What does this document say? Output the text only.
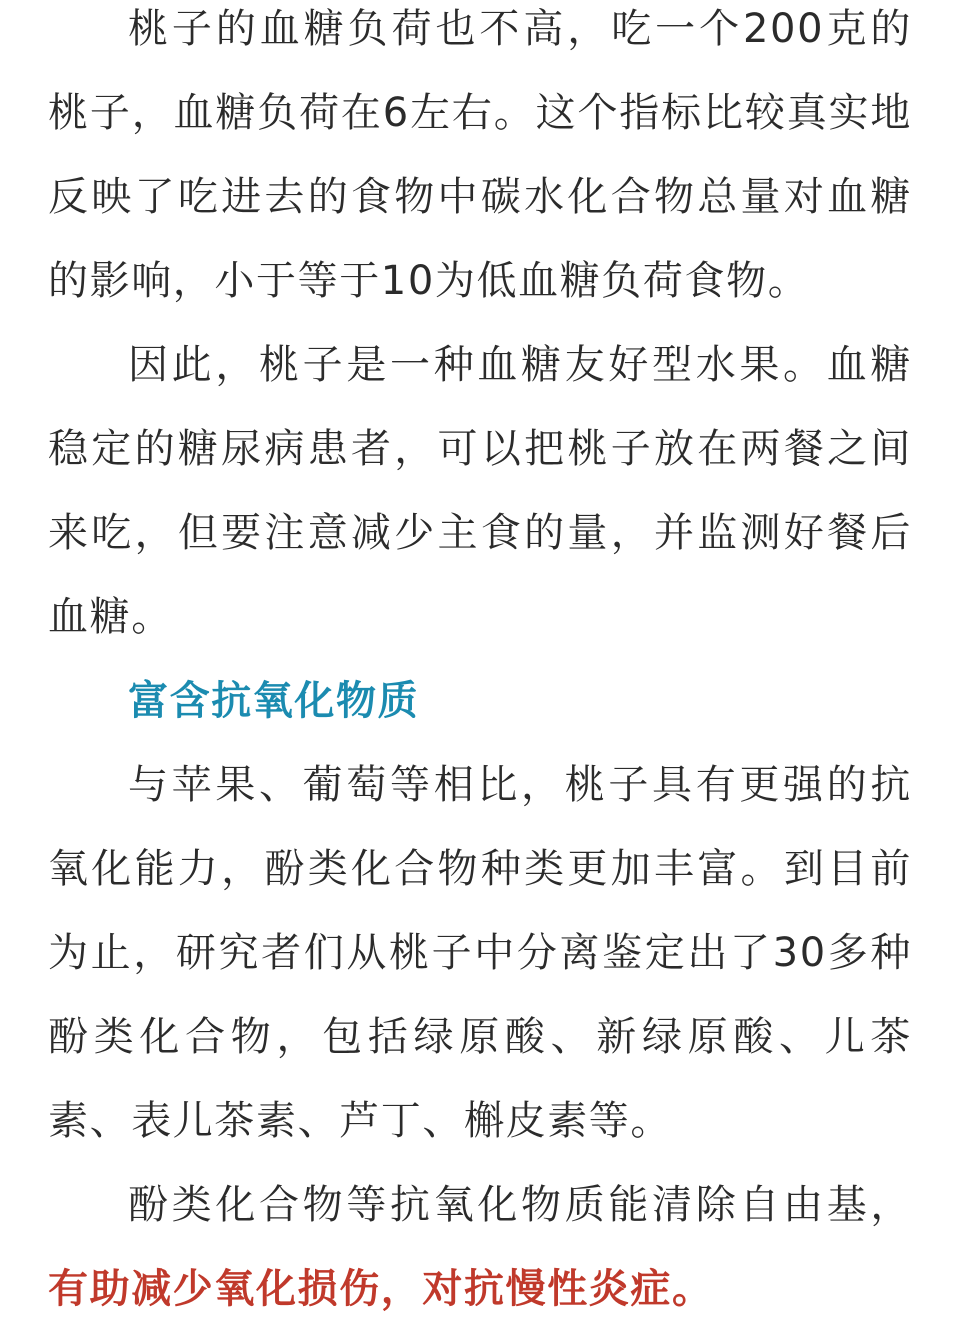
桃子的血糖负荷也不高，吃一个200克的桃子，血糖负荷在6左右。这个指标比较真实地反映了吃进去的食物中碳水化合物总量对血糖的影响，小于等于10为低血糖负荷食物。

因此，桃子是一种血糖友好型水果。血糖稳定的糖尿病患者，可以把桃子放在两餐之间来吃，但要注意减少主食的量，并监测好餐后血糖。

富含抗氧化物质

与苹果、葡萄等相比，桃子具有更强的抗氧化能力，酚类化合物种类更加丰富。到目前为止，研究者们从桃子中分离鉴定出了30多种酚类化合物，包括绿原酸、新绿原酸、儿茶素、表儿茶素、芦丁、槲皮素等。

酚类化合物等抗氧化物质能清除自由基，有助减少氧化损伤，对抗慢性炎症。
